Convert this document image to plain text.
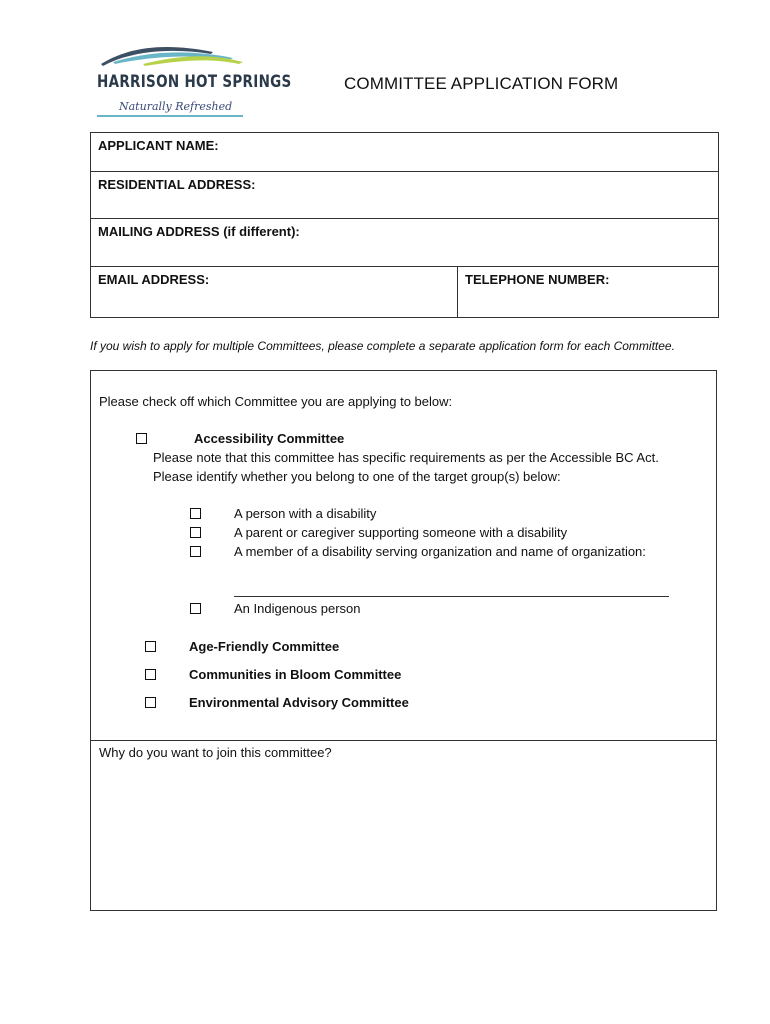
HARRISON HOT SPRINGS
Naturally Refreshed
COMMITTEE APPLICATION FORM
APPLICANT NAME:
RESIDENTIAL ADDRESS:
MAILING ADDRESS (if different):
EMAIL ADDRESS:	TELEPHONE NUMBER:
If you wish to apply for multiple Committees, please complete a separate application form for each Committee.
Please check off which Committee you are applying to below:
Accessibility Committee
Please note that this committee has specific requirements as per the Accessible BC Act.
Please identify whether you belong to one of the target group(s) below:
A person with a disability
A parent or caregiver supporting someone with a disability
A member of a disability serving organization and name of organization:
An Indigenous person
Age-Friendly Committee
Communities in Bloom Committee
Environmental Advisory Committee
Why do you want to join this committee?
